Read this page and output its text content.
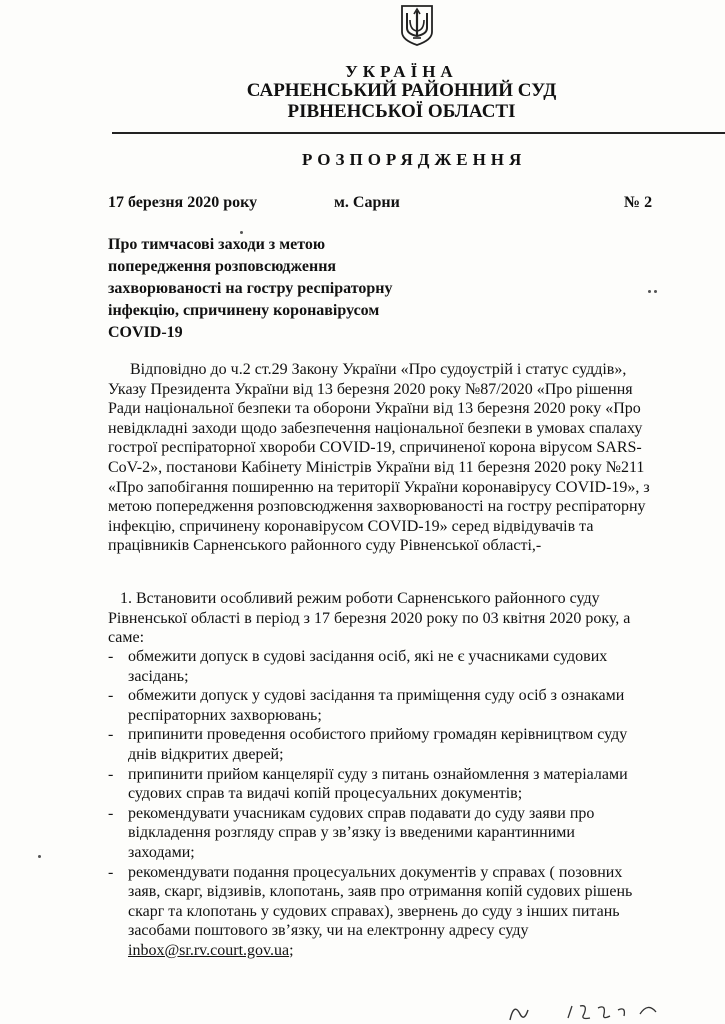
УКРАЇНА
САРНЕНСЬКИЙ РАЙОННИЙ СУД
РІВНЕНСЬКОЇ ОБЛАСТІ
РОЗПОРЯДЖЕННЯ
17 березня 2020 року	м. Сарни	№ 2
Про тимчасові заходи з метою
попередження розповсюдження
захворюваності на гостру респіраторну
інфекцію, спричинену коронавірусом
COVID-19
Відповідно до ч.2 ст.29 Закону України «Про судоустрій і статус суддів»,
Указу Президента України від 13 березня 2020 року №87/2020 «Про рішення
Ради національної безпеки та оборони України від 13 березня 2020 року «Про
невідкладні заходи щодо забезпечення національної безпеки в умовах спалаху
гострої респіраторної хвороби COVID-19, спричиненої корона вірусом SARS-
CoV-2», постанови Кабінету Міністрів України від 11 березня 2020 року №211
«Про запобігання поширенню на території України коронавірусу COVID-19», з
метою попередження розповсюдження захворюваності на гостру респіраторну
інфекцію, спричинену коронавірусом COVID-19» серед відвідувачів та
працівників Сарненського районного суду Рівненської області,-
1. Встановити особливий режим роботи Сарненського районного суду
Рівненської області в період з 17 березня 2020 року по 03 квітня 2020 року, а
саме:
- обмежити допуск в судові засідання осіб, які не є учасниками судових
засідань;
- обмежити допуск у судові засідання та приміщення суду осіб з ознаками
респіраторних захворювань;
- припинити проведення особистого прийому громадян керівництвом суду
днів відкритих дверей;
- припинити прийом канцелярії суду з питань ознайомлення з матеріалами
судових справ та видачі копій процесуальних документів;
- рекомендувати учасникам судових справ подавати до суду заяви про
відкладення розгляду справ у зв’язку із введеними карантинними
заходами;
- рекомендувати подання процесуальних документів у справах ( позовних
заяв, скарг, відзивів, клопотань, заяв про отримання копій судових рішень
скарг та клопотань у судових справах), звернень до суду з інших питань
засобами поштового зв’язку, чи на електронну адресу суду
inbox@sr.rv.court.gov.ua;
